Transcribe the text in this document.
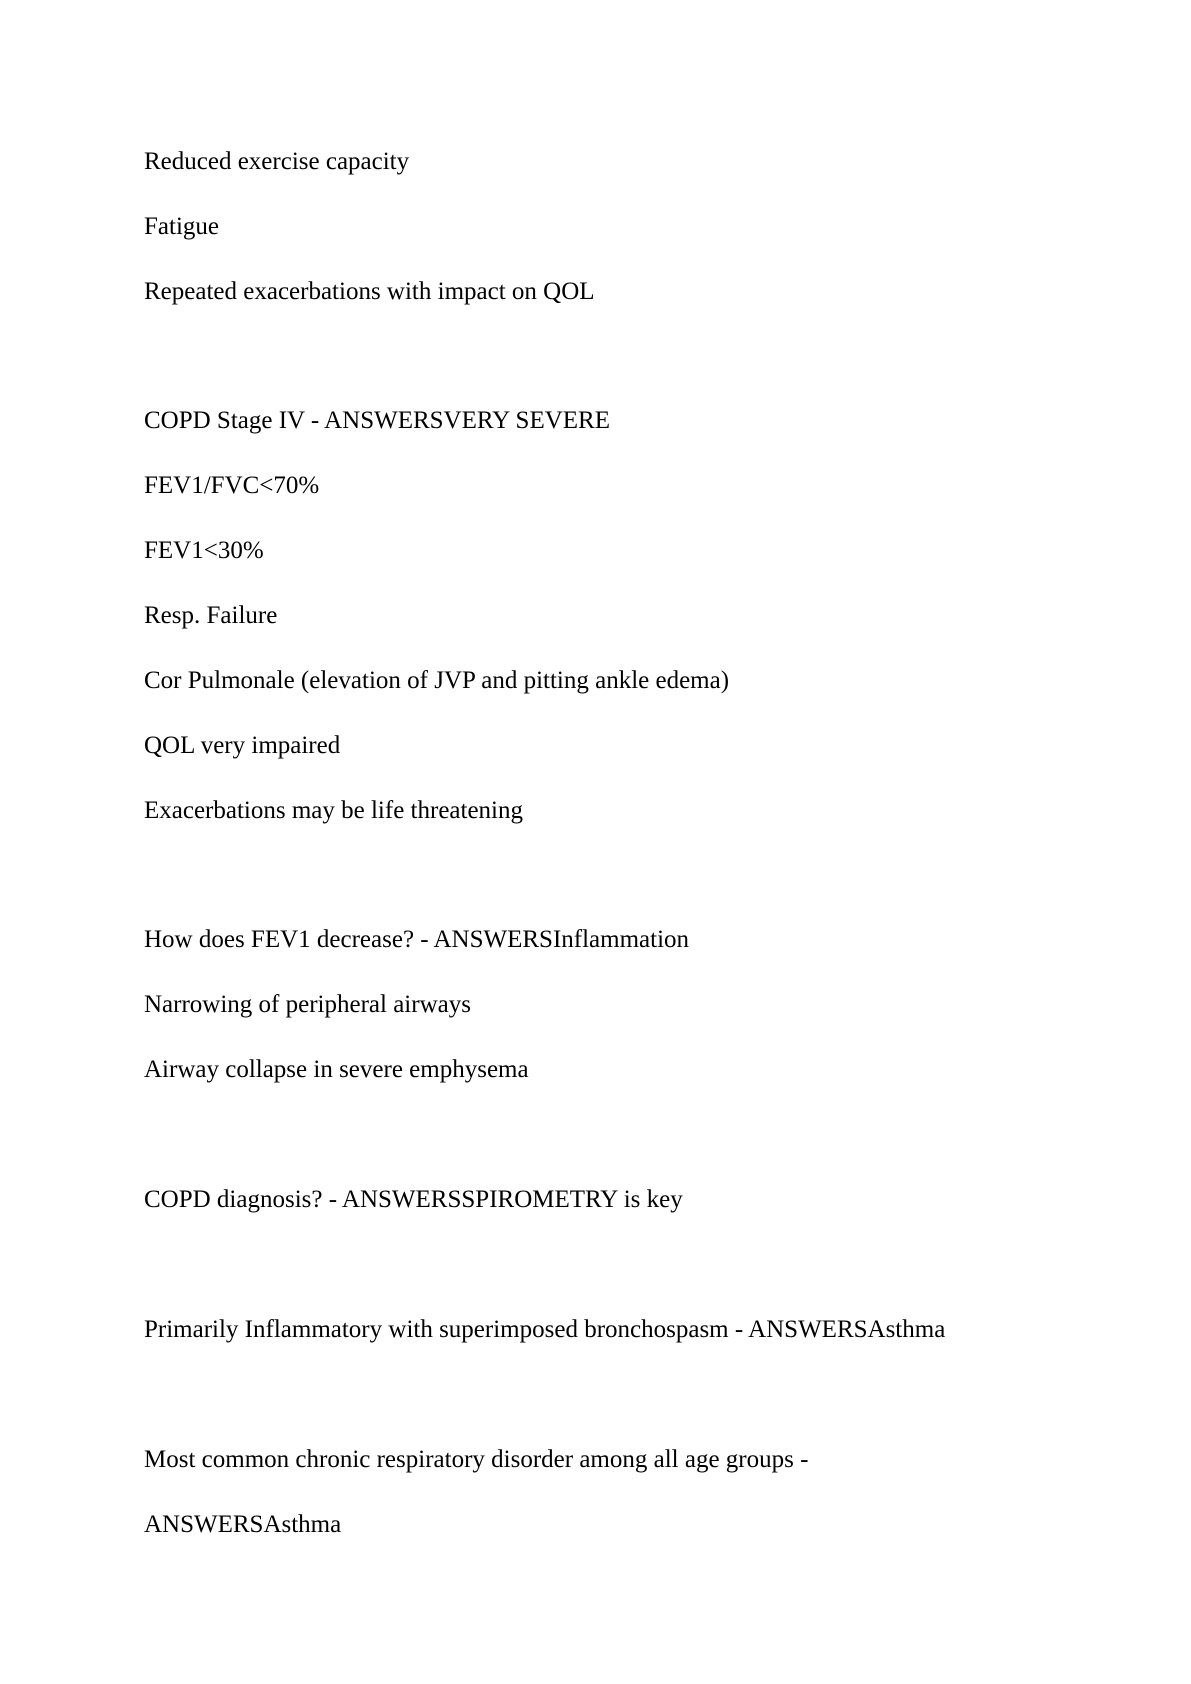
Reduced exercise capacity

Fatigue

Repeated exacerbations with impact on QOL

COPD Stage IV - ANSWERSVERY SEVERE

FEV1/FVC<70%

FEV1<30%

Resp. Failure

Cor Pulmonale (elevation of JVP and pitting ankle edema)

QOL very impaired

Exacerbations may be life threatening

How does FEV1 decrease? - ANSWERSInflammation

Narrowing of peripheral airways

Airway collapse in severe emphysema

COPD diagnosis? - ANSWERSSPIROMETRY is key

Primarily Inflammatory with superimposed bronchospasm - ANSWERSAsthma

Most common chronic respiratory disorder among all age groups -

ANSWERSAsthma
